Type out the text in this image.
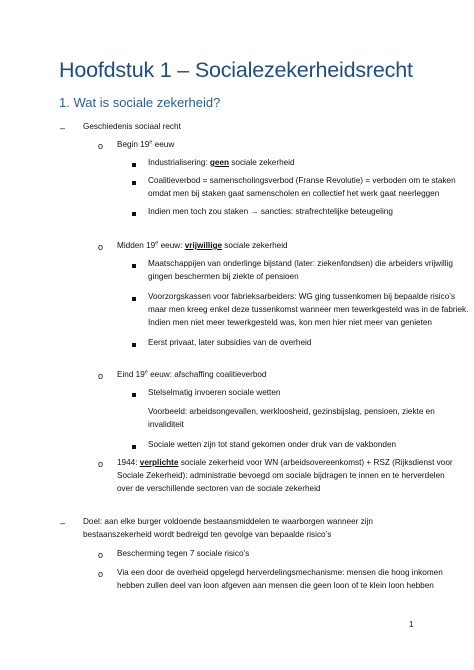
Hoofdstuk 1 – Socialezekerheidsrecht
1. Wat is sociale zekerheid?
– Geschiedenis sociaal recht
o Begin 19e eeuw
Industrialisering: geen sociale zekerheid
Coalitieverbod = samenscholingsverbod (Franse Revolutie) = verboden om te staken
omdat men bij staken gaat samenscholen en collectief het werk gaat neerleggen
Indien men toch zou staken → sancties: strafrechtelijke beteugeling
o Midden 19e eeuw: vrijwillige sociale zekerheid
Maatschappijen van onderlinge bijstand (later: ziekenfondsen) die arbeiders vrijwillig
gingen beschermen bij ziekte of pensioen
Voorzorgskassen voor fabrieksarbeiders: WG ging tussenkomen bij bepaalde risico’s
maar men kreeg enkel deze tussenkomst wanneer men tewerkgesteld was in de fabriek.
Indien men niet meer tewerkgesteld was, kon men hier niet meer van genieten
Eerst privaat, later subsidies van de overheid
o Eind 19e eeuw: afschaffing coalitieverbod
Stelselmatig invoeren sociale wetten
Voorbeeld: arbeidsongevallen, werkloosheid, gezinsbijslag, pensioen, ziekte en
invaliditeit
Sociale wetten zijn tot stand gekomen onder druk van de vakbonden
o 1944: verplichte sociale zekerheid voor WN (arbeidsovereenkomst) + RSZ (Rijksdienst voor
Sociale Zekerheid): administratie bevoegd om sociale bijdragen te innen en te herverdelen
over de verschillende sectoren van de sociale zekerheid
– Doel: aan elke burger voldoende bestaansmiddelen te waarborgen wanneer zijn
bestaanszekerheid wordt bedreigd ten gevolge van bepaalde risico’s
o Bescherming tegen 7 sociale risico’s
o Via een door de overheid opgelegd herverdelingsmechanisme: mensen die hoog inkomen
hebben zullen deel van loon afgeven aan mensen die geen loon of te klein loon hebben
1
